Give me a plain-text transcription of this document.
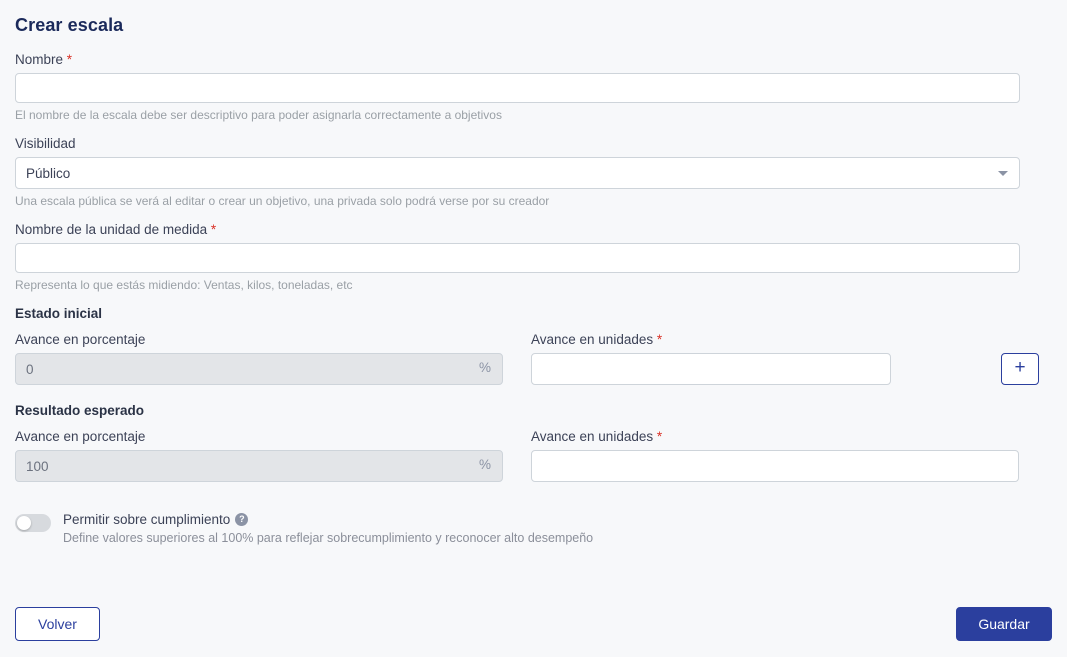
Crear escala
Nombre *
El nombre de la escala debe ser descriptivo para poder asignarla correctamente a objetivos
Visibilidad
Público
Una escala pública se verá al editar o crear un objetivo, una privada solo podrá verse por su creador
Nombre de la unidad de medida *
Representa lo que estás midiendo: Ventas, kilos, toneladas, etc
Estado inicial
Avance en porcentaje
0
%
Avance en unidades *
+
Resultado esperado
Avance en porcentaje
100
%
Avance en unidades *
Permitir sobre cumplimiento ?
Define valores superiores al 100% para reflejar sobrecumplimiento y reconocer alto desempeño
Volver	Guardar
